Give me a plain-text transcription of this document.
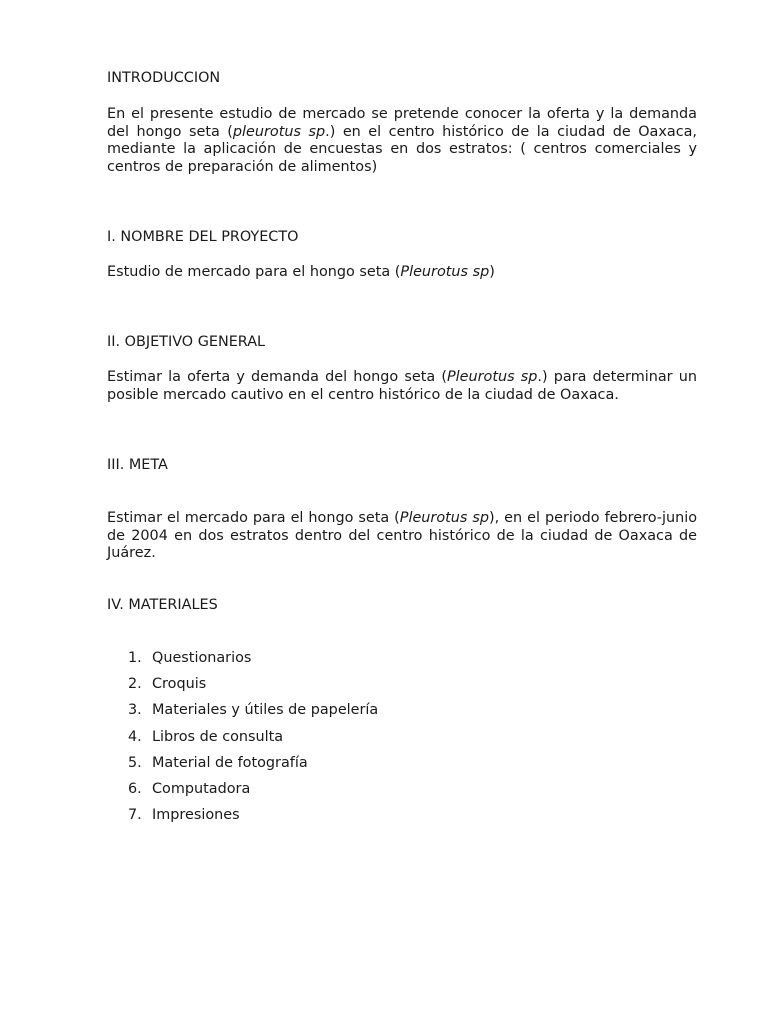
INTRODUCCION

En el presente estudio de mercado se pretende conocer la oferta y la demanda del hongo seta (pleurotus sp.) en el centro histórico de la ciudad de Oaxaca, mediante la aplicación de encuestas en dos estratos: ( centros comerciales y centros de preparación de alimentos)

I. NOMBRE DEL PROYECTO

Estudio de mercado para el hongo seta (Pleurotus sp)

II. OBJETIVO GENERAL

Estimar la oferta y demanda del hongo seta (Pleurotus sp.) para determinar un posible mercado cautivo en el centro histórico de la ciudad de Oaxaca.

III. META

Estimar el mercado para el hongo seta (Pleurotus sp), en el periodo febrero-junio de 2004 en dos estratos dentro del centro histórico de la ciudad de Oaxaca de Juárez.

IV. MATERIALES
1. Questionarios
2. Croquis
3. Materiales y útiles de papelería
4. Libros de consulta
5. Material de fotografía
6. Computadora
7. Impresiones
